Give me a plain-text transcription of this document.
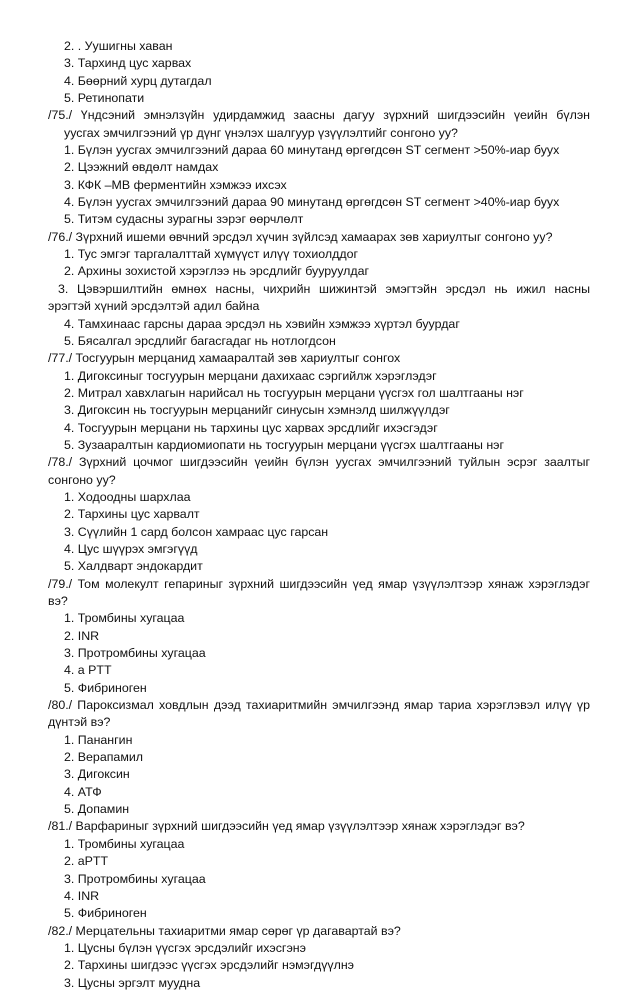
2. . Уушигны хаван
3. Тархинд цус харвах
4. Бөөрний хурц дутагдал
5. Ретинопати
/75./ Үндсэний эмнэлзүйн удирдамжид заасны дагуу зүрхний шигдээсийн үеийн бүлэн
уусгах эмчилгээний үр дүнг үнэлэх шалгуур үзүүлэлтийг сонгоно уу?
1. Бүлэн уусгах эмчилгээний дараа 60 минутанд өргөгдсөн ST сегмент >50%-иар буух
2. Цээжний өвдөлт намдах
3. КФК –МВ ферментийн хэмжээ ихсэх
4. Бүлэн уусгах эмчилгээний дараа 90 минутанд өргөгдсөн ST сегмент >40%-иар буух
5. Титэм судасны зурагны зэрэг өөрчлөлт
/76./ Зүрхний ишеми өвчний эрсдэл хүчин зүйлсэд хамаарах зөв хариултыг сонгоно уу?
1. Тус эмгэг таргалалттай хүмүүст илүү тохиолддог
2. Архины зохистой хэрэглээ нь эрсдлийг бууруулдаг
3. Цэвэршилтийн өмнөх насны, чихрийн шижинтэй эмэгтэйн эрсдэл нь ижил насны
эрэгтэй хүний эрсдэлтэй адил байна
4. Тамхинаас гарсны дараа эрсдэл нь хэвийн хэмжээ хүртэл буурдаг
5. Бясалгал эрсдлийг багасгадаг нь нотлогдсон
/77./ Тосгуурын мерцанид хамааралтай зөв хариултыг сонгох
1. Дигоксиныг тосгуурын мерцани дахихаас сэргийлж хэрэглэдэг
2. Митрал хавхлагын нарийсал нь тосгуурын мерцани үүсгэх гол шалтгааны нэг
3. Дигоксин нь тосгуурын мерцанийг синусын хэмнэлд шилжүүлдэг
4. Тосгуурын мерцани нь тархины цус харвах эрсдлийг ихэсгэдэг
5. Зузааралтын кардиомиопати нь тосгуурын мерцани үүсгэх шалтгааны нэг
/78./ Зүрхний цочмог шигдээсийн үеийн бүлэн уусгах эмчилгээний туйлын эсрэг заалтыг
сонгоно уу?
1. Ходоодны шархлаа
2. Тархины цус харвалт
3. Сүүлийн 1 сард болсон хамраас цус гарсан
4. Цус шүүрэх эмгэгүүд
5. Халдварт эндокардит
/79./ Том молекулт гепариныг зүрхний шигдээсийн үед ямар үзүүлэлтээр хянаж хэрэглэдэг
вэ?
1. Тромбины хугацаа
2. INR
3. Протромбины хугацаа
4. а PTT
5. Фибриноген
/80./ Пароксизмал ховдлын дээд тахиаритмийн эмчилгээнд ямар тариа хэрэглэвэл илүү үр
дүнтэй вэ?
1. Панангин
2. Верапамил
3. Дигоксин
4. АТФ
5. Допамин
/81./ Варфариныг зүрхний шигдээсийн үед ямар үзүүлэлтээр хянаж хэрэглэдэг вэ?
1. Тромбины хугацаа
2. aPTT
3. Протромбины хугацаа
4. INR
5. Фибриноген
/82./ Мерцательны тахиаритми ямар сөрөг үр дагавартай вэ?
1. Цусны бүлэн үүсгэх эрсдэлийг ихэсгэнэ
2. Тархины шигдээс үүсгэх эрсдэлийг нэмэгдүүлнэ
3. Цусны эргэлт муудна
